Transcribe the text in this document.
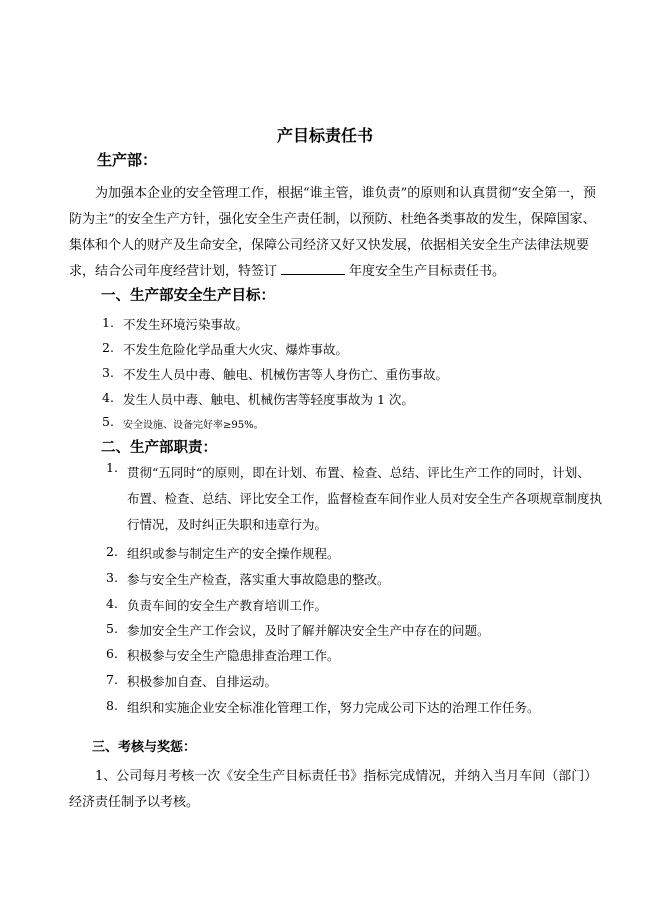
产目标责任书
生产部：
为加强本企业的安全管理工作，根据“谁主管，谁负责”的原则和认真贯彻“安全第一，预防为主”的安全生产方针，强化安全生产责任制，以预防、杜绝各类事故的发生，保障国家、集体和个人的财产及生命安全，保障公司经济又好又快发展，依据相关安全生产法律法规要求，结合公司年度经营计划，特签订	年度安全生产目标责任书。
一、生产部安全生产目标：
1. 不发生环境污染事故。
2. 不发生危险化学品重大火灾、爆炸事故。
3. 不发生人员中毒、触电、机械伤害等人身伤亡、重伤事故。
4. 发生人员中毒、触电、机械伤害等轻度事故为 1 次。
5. 安全设施、设备完好率≥95%。
二、生产部职责：
1. 贯彻“五同时“的原则，即在计划、布置、检查、总结、评比生产工作的同时，计划、布置、检查、总结、评比安全工作，监督检查车间作业人员对安全生产各项规章制度执行情况，及时纠正失职和违章行为。
2. 组织或参与制定生产的安全操作规程。
3. 参与安全生产检查，落实重大事故隐患的整改。
4. 负责车间的安全生产教育培训工作。
5. 参加安全生产工作会议，及时了解并解决安全生产中存在的问题。
6. 积极参与安全生产隐患排查治理工作。
7. 积极参加自查、自排运动。
8. 组织和实施企业安全标准化管理工作，努力完成公司下达的治理工作任务。
三、考核与奖惩：
1、公司每月考核一次《安全生产目标责任书》指标完成情况，并纳入当月车间（部门）经济责任制予以考核。
